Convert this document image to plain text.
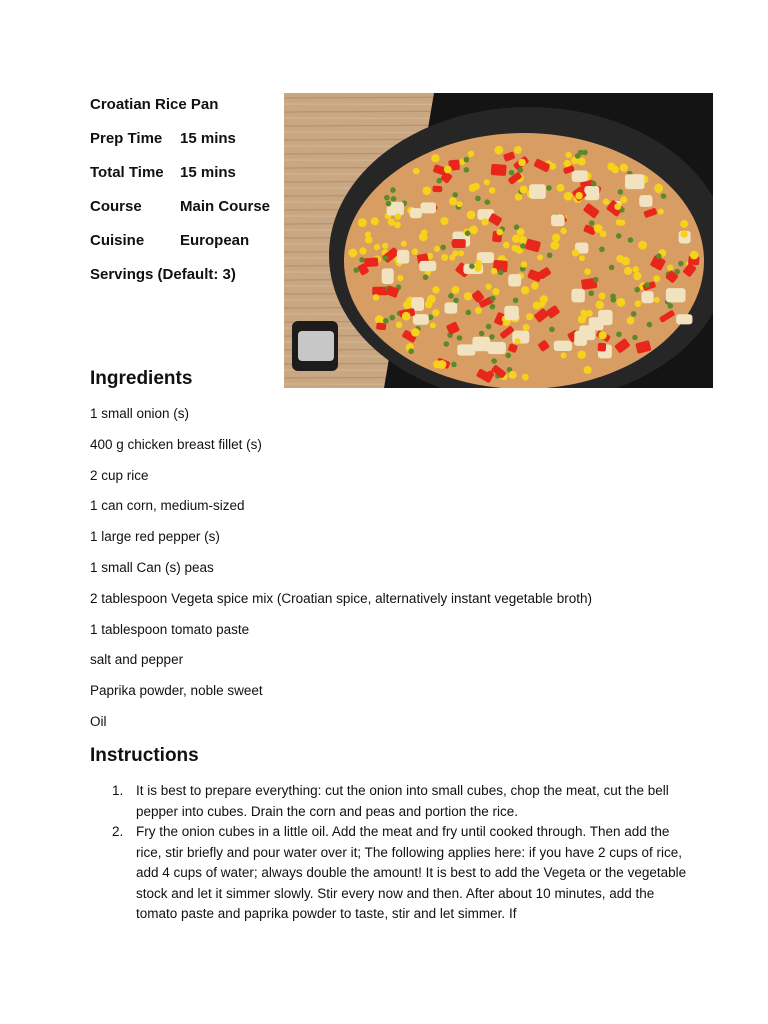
Croatian Rice Pan
Prep Time 15 mins
Total Time 15 mins
Course	Main Course
Cuisine European
Servings (Default: 3)
Ingredients
1 small onion (s)
400 g chicken breast fillet (s)
2 cup rice
1 can corn, medium-sized
1 large red pepper (s)
1 small Can (s) peas
2 tablespoon Vegeta spice mix (Croatian spice, alternatively instant vegetable broth)
1 tablespoon tomato paste
salt and pepper
Paprika powder, noble sweet
Oil
Instructions
1. It is best to prepare everything: cut the onion into small cubes, chop the meat, cut the bell pepper into cubes. Drain the corn and peas and portion the rice.
2. Fry the onion cubes in a little oil. Add the meat and fry until cooked through. Then add the rice, stir briefly and pour water over it; The following applies here: if you have 2 cups of rice, add 4 cups of water; always double the amount! It is best to add the Vegeta or the vegetable stock and let it simmer slowly. Stir every now and then. After about 10 minutes, add the tomato paste and paprika powder to taste, stir and let simmer. If
